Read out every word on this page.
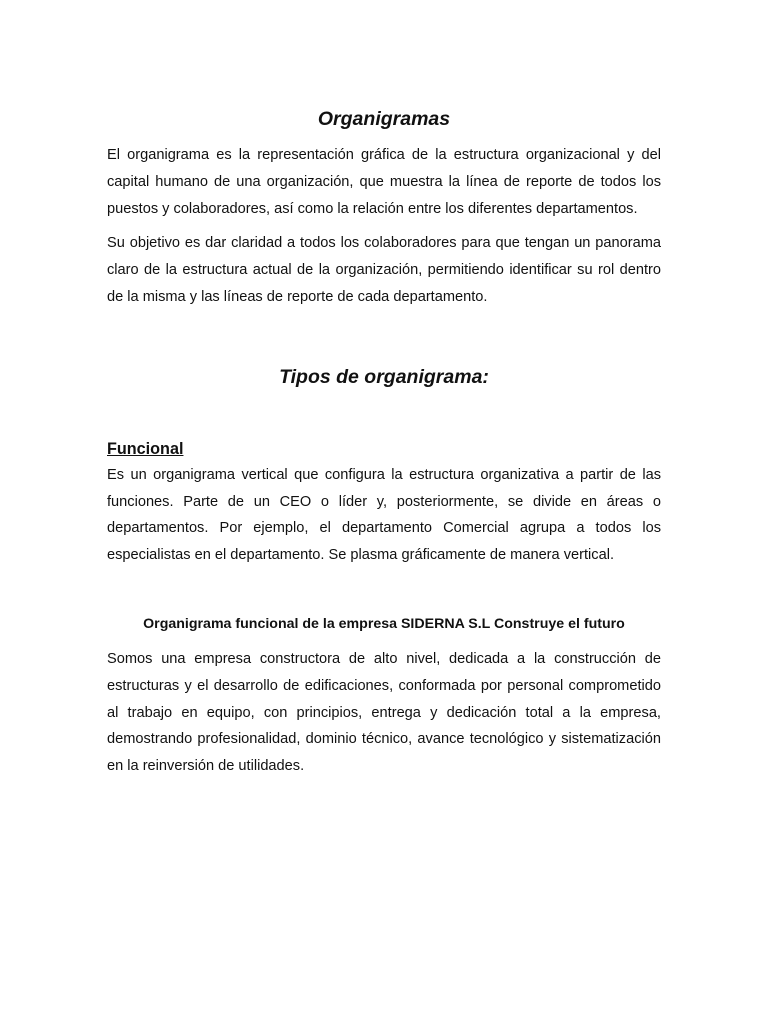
Organigramas

El organigrama es la representación gráfica de la estructura organizacional y del capital humano de una organización, que muestra la línea de reporte de todos los puestos y colaboradores, así como la relación entre los diferentes departamentos.

Su objetivo es dar claridad a todos los colaboradores para que tengan un panorama claro de la estructura actual de la organización, permitiendo identificar su rol dentro de la misma y las líneas de reporte de cada departamento.

Tipos de organigrama:
Funcional

Es un organigrama vertical que configura la estructura organizativa a partir de las funciones. Parte de un CEO o líder y, posteriormente, se divide en áreas o departamentos. Por ejemplo, el departamento Comercial agrupa a todos los especialistas en el departamento. Se plasma gráficamente de manera vertical.

Organigrama funcional de la empresa SIDERNA S.L Construye el futuro

Somos una empresa constructora de alto nivel, dedicada a la construcción de estructuras y el desarrollo de edificaciones, conformada por personal comprometido al trabajo en equipo, con principios, entrega y dedicación total a la empresa, demostrando profesionalidad, dominio técnico, avance tecnológico y sistematización en la reinversión de utilidades.
